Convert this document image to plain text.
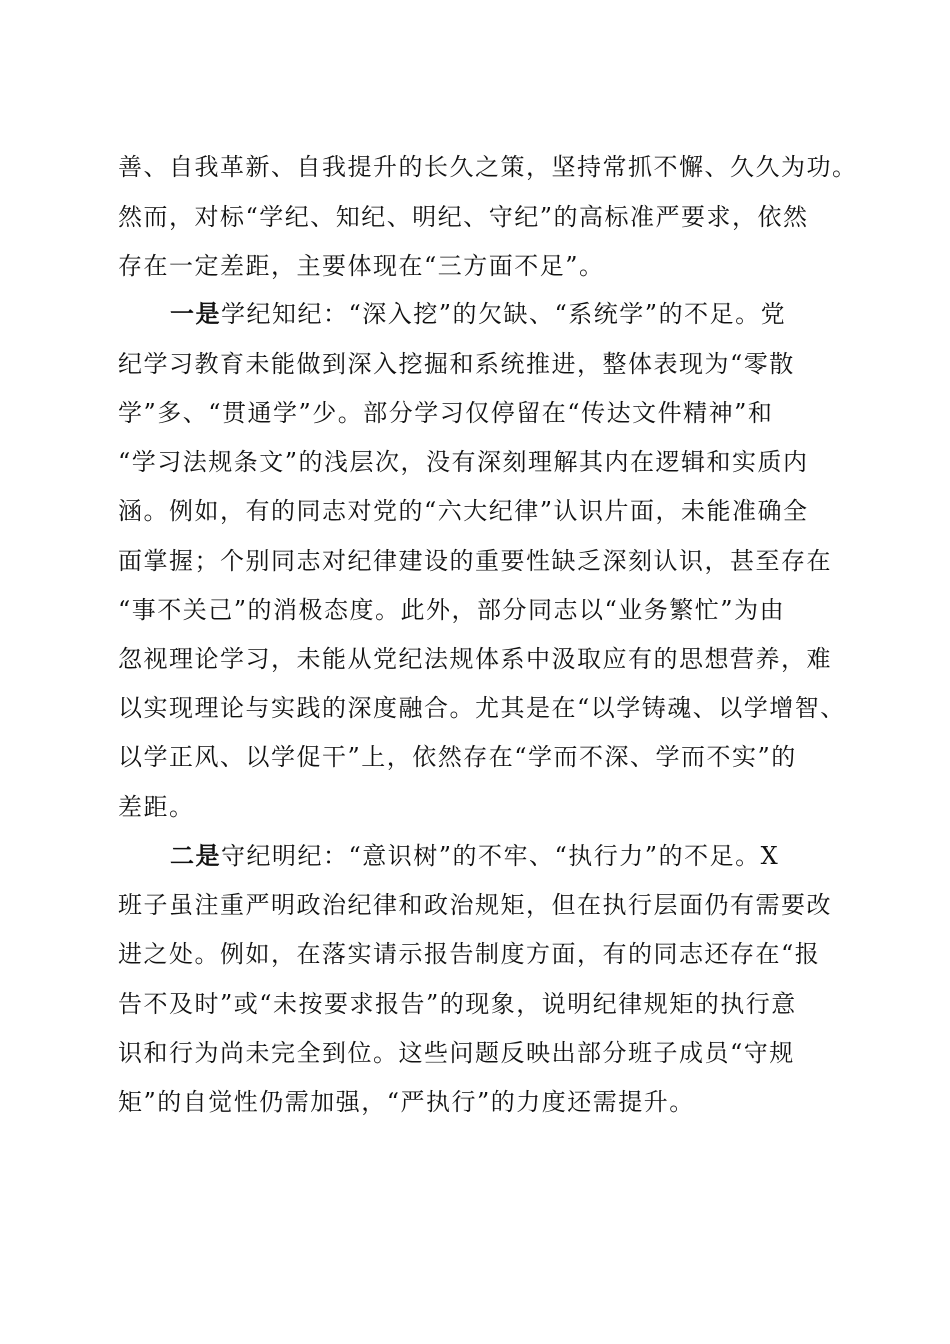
善、自我革新、自我提升的长久之策，坚持常抓不懈、久久为功。
然而，对标“学纪、知纪、明纪、守纪”的高标准严要求，依然
存在一定差距，主要体现在“三方面不足”。
一是学纪知纪：“深入挖”的欠缺、“系统学”的不足。党
纪学习教育未能做到深入挖掘和系统推进，整体表现为“零散
学”多、“贯通学”少。部分学习仅停留在“传达文件精神”和
“学习法规条文”的浅层次，没有深刻理解其内在逻辑和实质内
涵。例如，有的同志对党的“六大纪律”认识片面，未能准确全
面掌握；个别同志对纪律建设的重要性缺乏深刻认识，甚至存在
“事不关己”的消极态度。此外，部分同志以“业务繁忙”为由
忽视理论学习，未能从党纪法规体系中汲取应有的思想营养，难
以实现理论与实践的深度融合。尤其是在“以学铸魂、以学增智、
以学正风、以学促干”上，依然存在“学而不深、学而不实”的
差距。
二是守纪明纪：“意识树”的不牢、“执行力”的不足。X
班子虽注重严明政治纪律和政治规矩，但在执行层面仍有需要改
进之处。例如，在落实请示报告制度方面，有的同志还存在“报
告不及时”或“未按要求报告”的现象，说明纪律规矩的执行意
识和行为尚未完全到位。这些问题反映出部分班子成员“守规
矩”的自觉性仍需加强，“严执行”的力度还需提升。
